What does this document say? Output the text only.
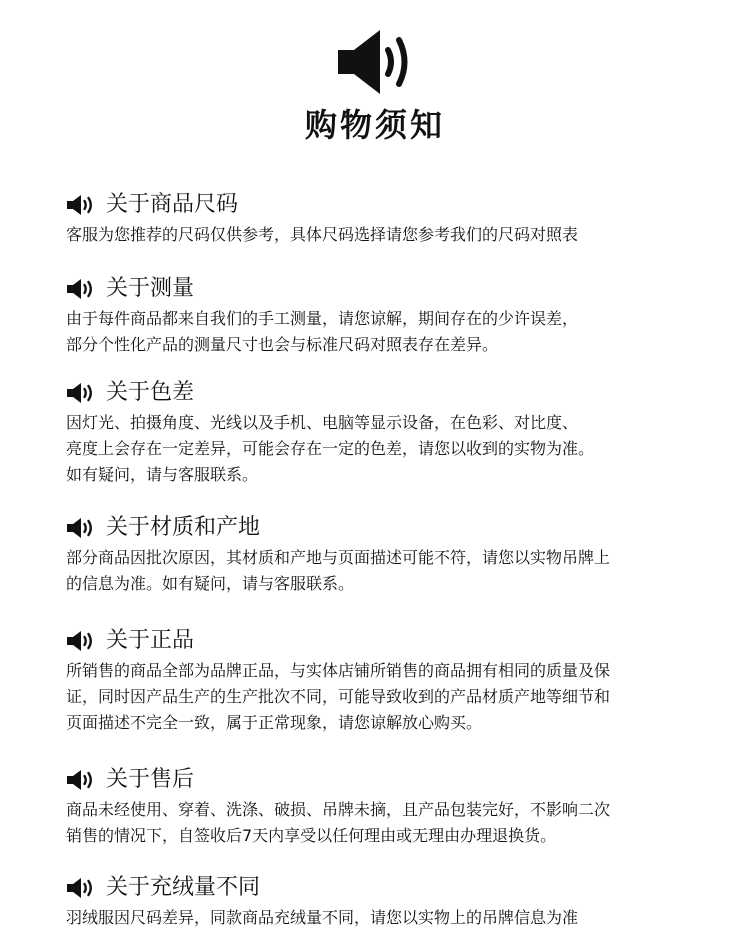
购物须知
关于商品尺码
客服为您推荐的尺码仅供参考，具体尺码选择请您参考我们的尺码对照表
关于测量
由于每件商品都来自我们的手工测量，请您谅解，期间存在的少许误差，
部分个性化产品的测量尺寸也会与标准尺码对照表存在差异。
关于色差
因灯光、拍摄角度、光线以及手机、电脑等显示设备，在色彩、对比度、
亮度上会存在一定差异，可能会存在一定的色差，请您以收到的实物为准。
如有疑问，请与客服联系。
关于材质和产地
部分商品因批次原因，其材质和产地与页面描述可能不符，请您以实物吊牌上
的信息为准。如有疑问，请与客服联系。
关于正品
所销售的商品全部为品牌正品，与实体店铺所销售的商品拥有相同的质量及保
证，同时因产品生产的生产批次不同，可能导致收到的产品材质产地等细节和
页面描述不完全一致，属于正常现象，请您谅解放心购买。
关于售后
商品未经使用、穿着、洗涤、破损、吊牌未摘，且产品包装完好，不影响二次
销售的情况下，自签收后7天内享受以任何理由或无理由办理退换货。
关于充绒量不同
羽绒服因尺码差异，同款商品充绒量不同，请您以实物上的吊牌信息为准
